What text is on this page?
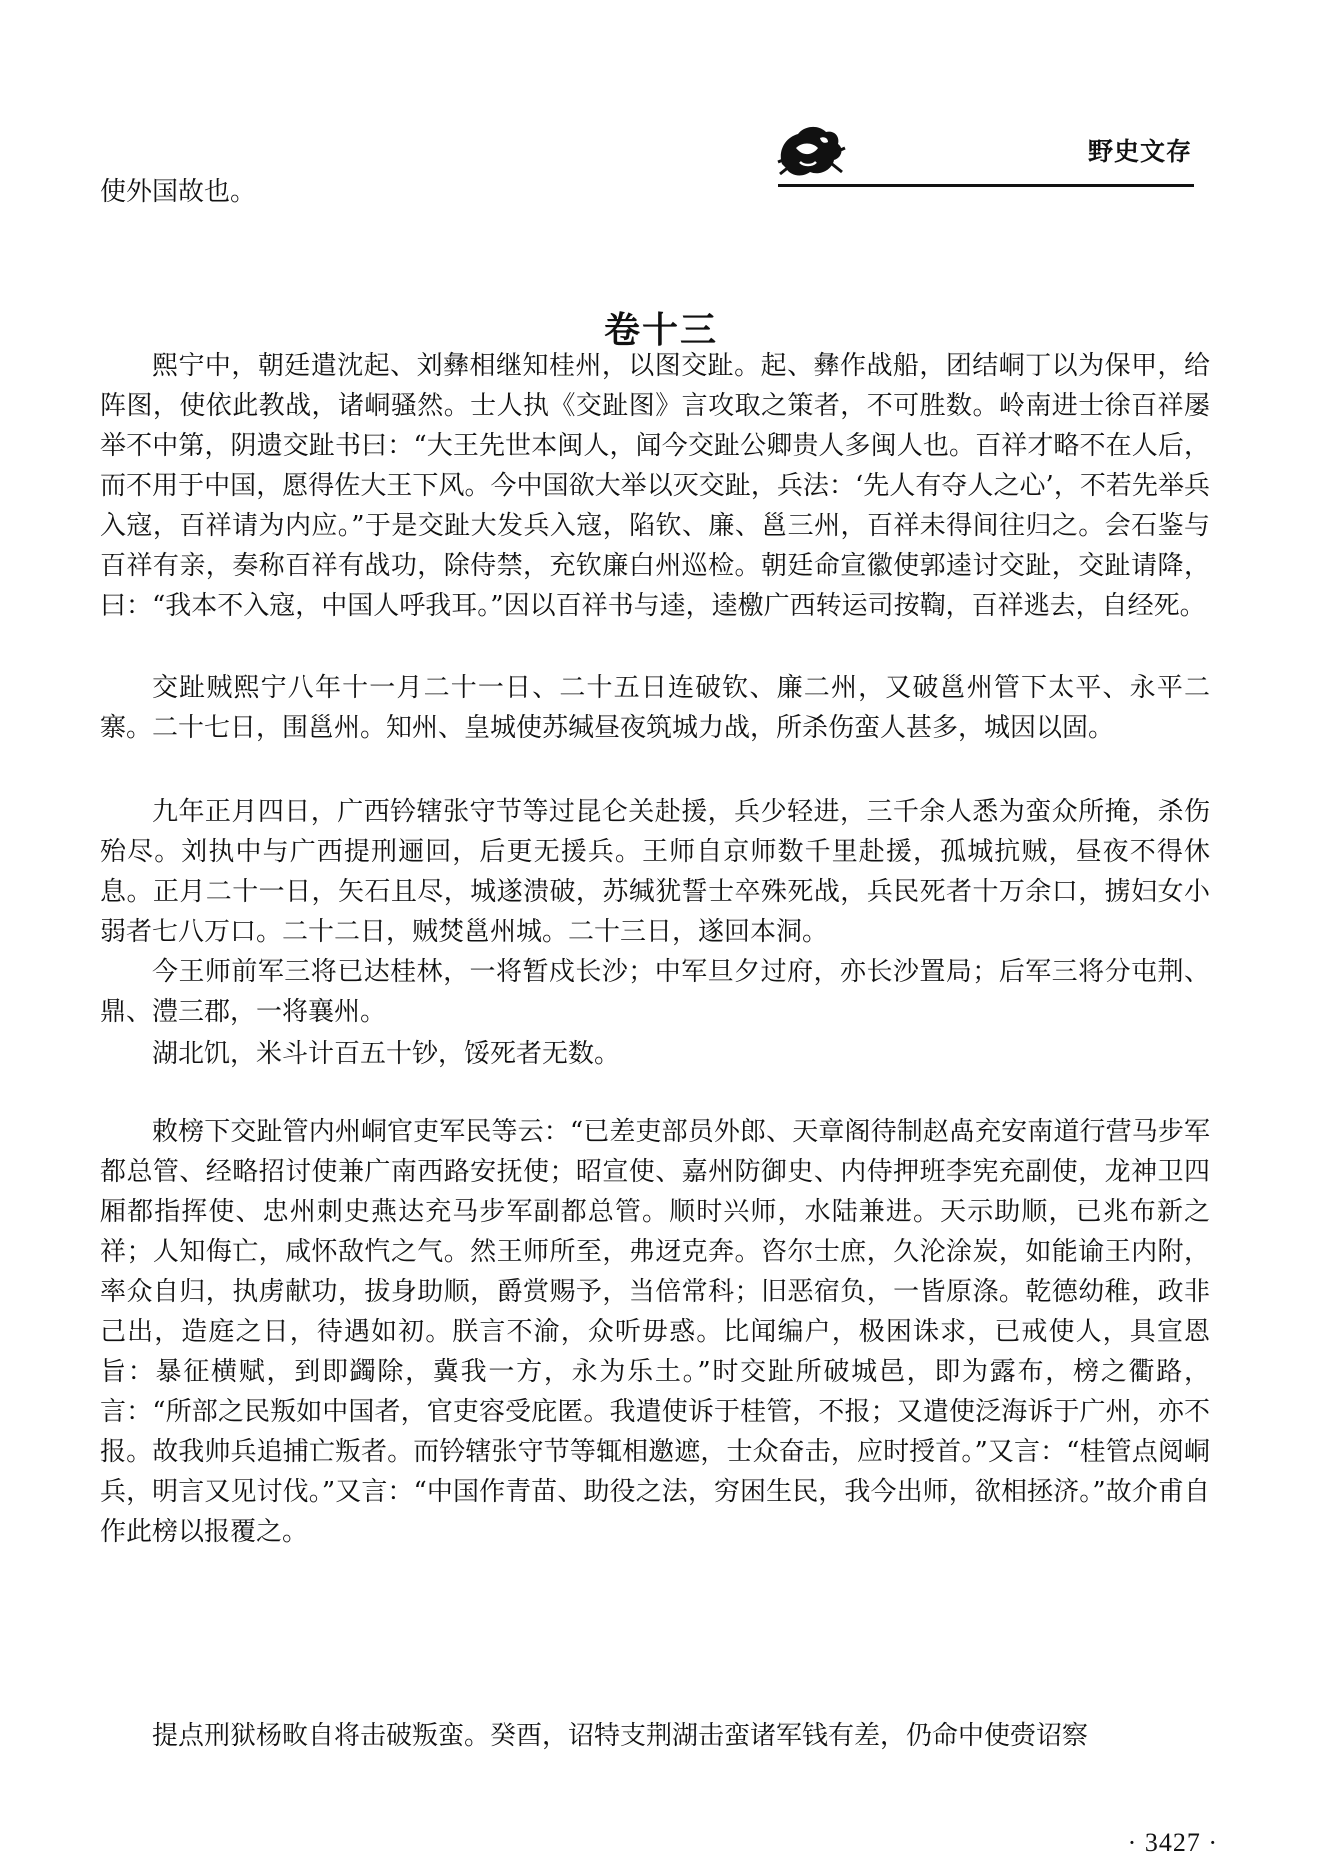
野史文存
使外国故也。
卷十三
熙宁中，朝廷遣沈起、刘彝相继知桂州，以图交趾。起、彝作战船，团结峒丁以为保甲，给阵图，使依此教战，诸峒骚然。士人执《交趾图》言攻取之策者，不可胜数。岭南进士徐百祥屡举不中第，阴遗交趾书曰：“大王先世本闽人，闻今交趾公卿贵人多闽人也。百祥才略不在人后，而不用于中国，愿得佐大王下风。今中国欲大举以灭交趾，兵法：‘先人有夺人之心’，不若先举兵入寇，百祥请为内应。”于是交趾大发兵入寇，陷钦、廉、邕三州，百祥未得间往归之。会石鉴与百祥有亲，奏称百祥有战功，除侍禁，充钦廉白州巡检。朝廷命宣徽使郭逵讨交趾，交趾请降，曰：“我本不入寇，中国人呼我耳。”因以百祥书与逵，逵檄广西转运司按鞫，百祥逃去，自经死。
交趾贼熙宁八年十一月二十一日、二十五日连破钦、廉二州，又破邕州管下太平、永平二寨。二十七日，围邕州。知州、皇城使苏缄昼夜筑城力战，所杀伤蛮人甚多，城因以固。
九年正月四日，广西钤辖张守节等过昆仑关赴援，兵少轻进，三千余人悉为蛮众所掩，杀伤殆尽。刘执中与广西提刑逦回，后更无援兵。王师自京师数千里赴援，孤城抗贼，昼夜不得休息。正月二十一日，矢石且尽，城遂溃破，苏缄犹誓士卒殊死战，兵民死者十万余口，掳妇女小弱者七八万口。二十二日，贼焚邕州城。二十三日，遂回本洞。
今王师前军三将已达桂林，一将暂戍长沙；中军旦夕过府，亦长沙置局；后军三将分屯荆、鼎、澧三郡，一将襄州。
湖北饥，米斗计百五十钞，馁死者无数。
敕榜下交趾管内州峒官吏军民等云：“已差吏部员外郎、天章阁待制赵卨充安南道行营马步军都总管、经略招讨使兼广南西路安抚使；昭宣使、嘉州防御史、内侍押班李宪充副使，龙神卫四厢都指挥使、忠州刺史燕达充马步军副都总管。顺时兴师，水陆兼进。天示助顺，已兆布新之祥；人知侮亡，咸怀敌忾之气。然王师所至，弗迓克奔。咨尔士庶，久沦涂炭，如能谕王内附，率众自归，执虏献功，拔身助顺，爵赏赐予，当倍常科；旧恶宿负，一皆原涤。乾德幼稚，政非己出，造庭之日，待遇如初。朕言不渝，众听毋惑。比闻编户，极困诛求，已戒使人，具宣恩旨：暴征横赋，到即蠲除，冀我一方，永为乐土。”时交趾所破城邑，即为露布，榜之衢路，言：“所部之民叛如中国者，官吏容受庇匿。我遣使诉于桂管，不报；又遣使泛海诉于广州，亦不报。故我帅兵追捕亡叛者。而钤辖张守节等辄相邀遮，士众奋击，应时授首。”又言：“桂管点阅峒兵，明言又见讨伐。”又言：“中国作青苗、助役之法，穷困生民，我今出师，欲相拯济。”故介甫自作此榜以报覆之。
提点刑狱杨畋自将击破叛蛮。癸酉，诏特支荆湖击蛮诸军钱有差，仍命中使赍诏察
· 3427 ·
